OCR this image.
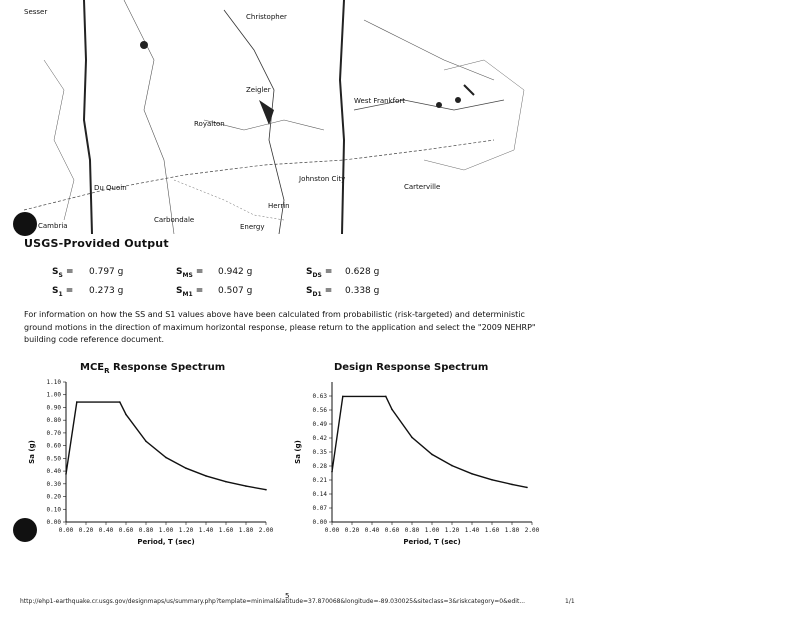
Christopher
Zeigler
Royalton
West Frankfort
Du Quoin
Johnston City
Carbondale
Carterville
Herrin
Energy
Cambria
Sesser
USGS-Provided Output
$S_S = 0.797$ g	$S_{MS} = 0.942$ g	$S_{DS} = 0.628$ g
$S_1 = 0.273$ g	$S_{M1} = 0.507$ g	$S_{D1} = 0.338$ g
For information on how the SS and S1 values above have been calculated from probabilistic (risk-targeted) and deterministic ground motions in the direction of maximum horizontal response, please return to the application and select the "2009 NEHRP" building code reference document.
$MCE_R$ Response Spectrum	Design Response Spectrum
0.00
0.10
0.20
0.30
0.40
0.50
0.60
0.70
0.80
0.90
1.00
1.10
0.00 0.20 0.40 0.60 0.80 1.00 1.20 1.40 1.60 1.80 2.00
Period, T (sec)
Sa (g)
0.00
0.07
0.14
0.21
0.28
0.35
0.42
0.49
0.56
0.63
0.00 0.20 0.40 0.60 0.80 1.00 1.20 1.40 1.60 1.80 2.00
Period, T (sec)
Sa (g)
http://ehp1-earthquake.cr.usgs.gov/designmaps/us/summary.php?template=minimal&latitude=37.870068&longitude=-89.030025&siteclass=3&riskcategory=0&edit...	1/1
5
